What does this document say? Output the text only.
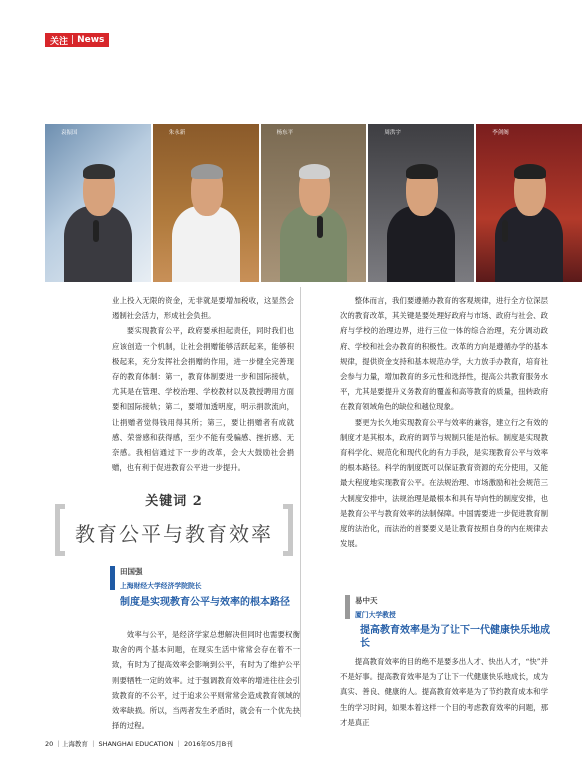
关注 | News
袁振国	朱永新	杨东平	周洪宇	李剑阁

业上投入无限的资金，无非就是要增加税收，这显然会遏制社会活力，形成社会负担。

要实现教育公平，政府要承担起责任，同时我们也应该创造一个机制，让社会捐赠能够活跃起来，能够积极起来，充分发挥社会捐赠的作用，进一步健全完善现存的教育体制：第一，教育体制要进一步和国际接轨，尤其是在管理、学校治理、学校教材以及教授聘用方面要和国际接轨；第二，要增加透明度，明示捐款流向，让捐赠者觉得钱用得其所；第三，要让捐赠者有成就感、荣誉感和获得感，至少不能有受骗感、挫折感、无奈感。我相信通过下一步的改革，会大大鼓励社会捐赠，也有利于促进教育公平进一步提升。

关键词 2
教育公平与教育效率
田国强
上海财经大学经济学院院长
制度是实现教育公平与效率的根本路径

效率与公平，是经济学家总想解决但同时也需要权衡取舍的两个基本问题，在现实生活中常常会存在着不一致，有时为了提高效率会影响到公平，有时为了维护公平则要牺牲一定的效率。过于强调教育效率的增进往往会引致教育的不公平，过于追求公平则常常会造成教育领域的效率缺损。所以，当两者发生矛盾时，就会有一个优先抉择的过程。

整体而言，我们要遵循办教育的客观规律，进行全方位深层次的教育改革，其关键是要处理好政府与市场、政府与社会、政府与学校的治理边界，进行三位一体的综合治理，充分调动政府、学校和社会办教育的积极性。改革的方向是遵循办学的基本规律，提供资金支持和基本规范办学，大力放手办教育，培育社会参与力量，增加教育的多元性和选择性，提高公共教育服务水平，尤其是要提升义务教育的覆盖和高等教育的质量，扭转政府在教育领域角色的缺位和越位现象。

要更为长久地实现教育公平与效率的兼容，建立行之有效的制度才是其根本，政府的调节与规制只能是治标。制度是实现教育科学化、规范化和现代化的有力手段，是实现教育公平与效率的根本路径。科学的制度既可以保证教育资源的充分使用，又能最大程度地实现教育公平。在法规治理、市场激励和社会规范三大制度安排中，法规治理是最根本和具有导向性的制度安排，也是教育公平与教育效率的法制保障。中国需要进一步促进教育制度的法治化，而法治的首要要义是让教育按照自身的内在规律去发展。

易中天
厦门大学教授
提高教育效率是为了让下一代健康快乐地成长

提高教育效率的目的绝不是要多出人才、快出人才，“快”并不是好事。提高教育效率是为了让下一代健康快乐地成长，成为真实、善良、健康的人。提高教育效率是为了节约教育成本和学生的学习时间，如果本着这样一个目的考虑教育效率的问题，那才是真正

20 ｜上海教育 ｜ SHANGHAI EDUCATION ｜ 2016年05月B刊
